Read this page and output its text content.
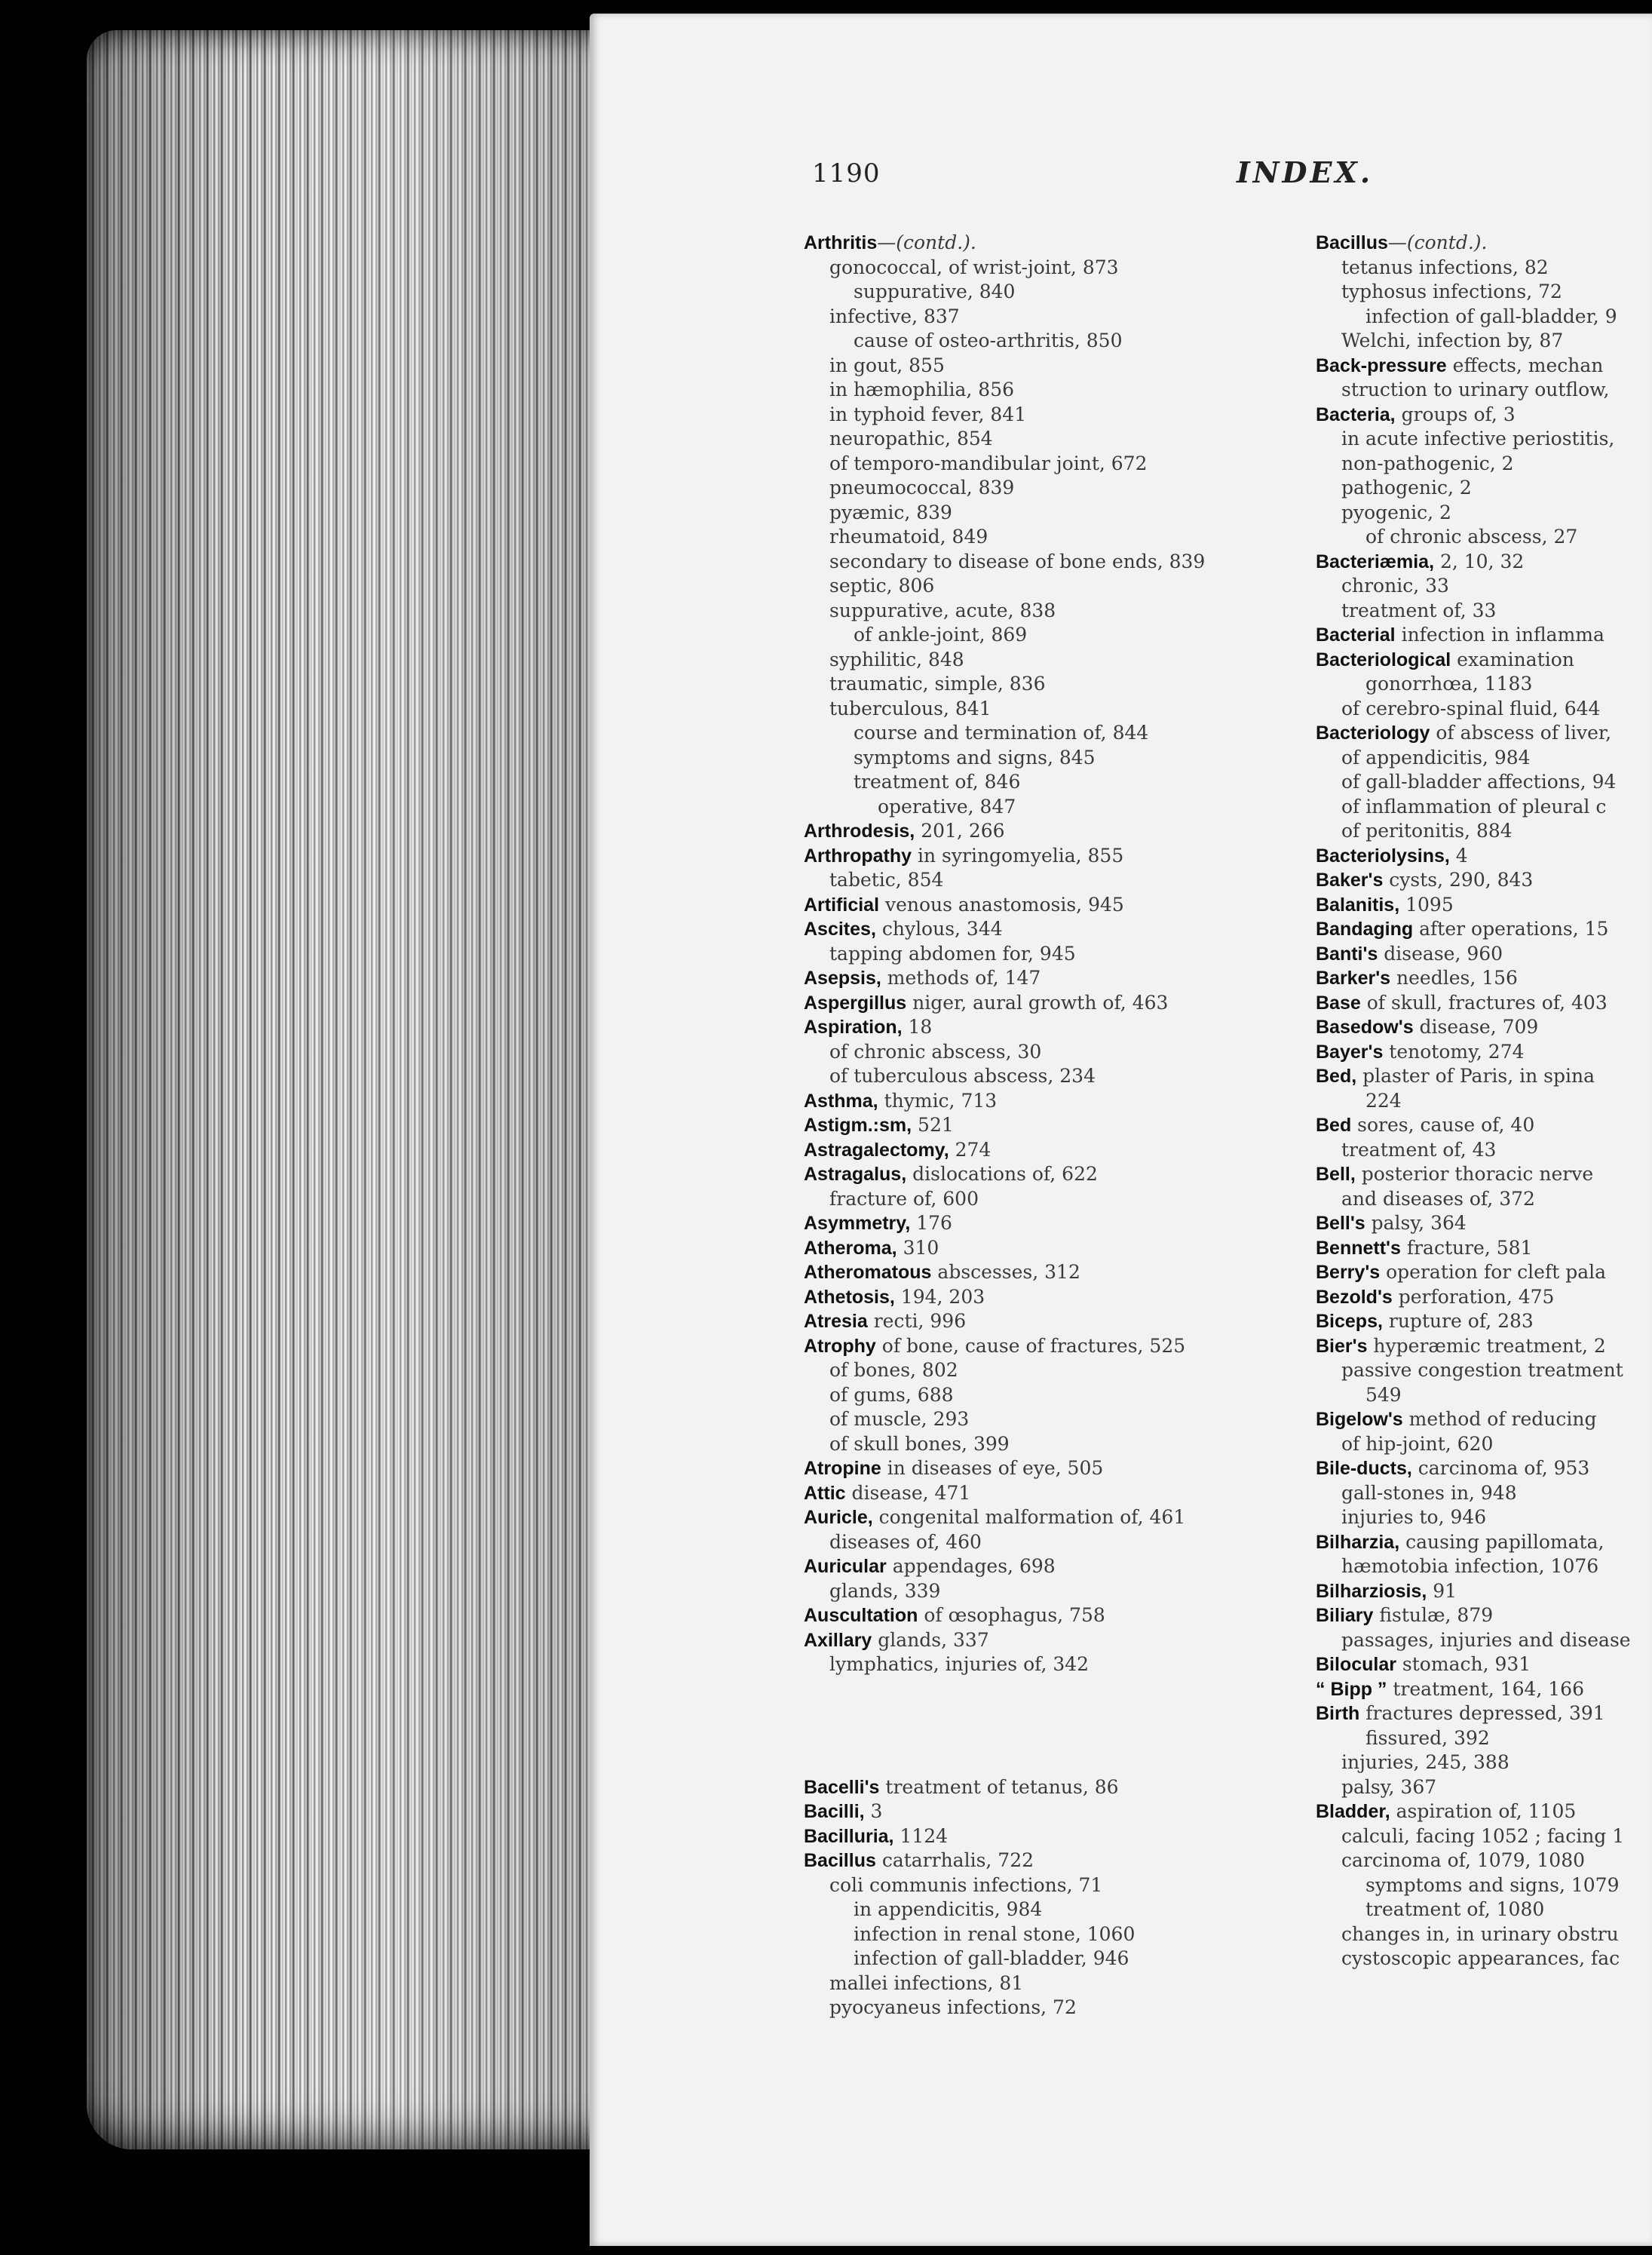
1190	INDEX.
Arthritis—(contd.).
gonococcal, of wrist-joint, 873
suppurative, 840
infective, 837
cause of osteo-arthritis, 850
in gout, 855
in hæmophilia, 856
in typhoid fever, 841
neuropathic, 854
of temporo-mandibular joint, 672
pneumococcal, 839
pyæmic, 839
rheumatoid, 849
secondary to disease of bone ends, 839
septic, 806
suppurative, acute, 838
of ankle-joint, 869
syphilitic, 848
traumatic, simple, 836
tuberculous, 841
course and termination of, 844
symptoms and signs, 845
treatment of, 846
operative, 847
Arthrodesis, 201, 266
Arthropathy in syringomyelia, 855
tabetic, 854
Artificial venous anastomosis, 945
Ascites, chylous, 344
tapping abdomen for, 945
Asepsis, methods of, 147
Aspergillus niger, aural growth of, 463
Aspiration, 18
of chronic abscess, 30
of tuberculous abscess, 234
Asthma, thymic, 713
Astigm.:sm, 521
Astragalectomy, 274
Astragalus, dislocations of, 622
fracture of, 600
Asymmetry, 176
Atheroma, 310
Atheromatous abscesses, 312
Athetosis, 194, 203
Atresia recti, 996
Atrophy of bone, cause of fractures, 525
of bones, 802
of gums, 688
of muscle, 293
of skull bones, 399
Atropine in diseases of eye, 505
Attic disease, 471
Auricle, congenital malformation of, 461
diseases of, 460
Auricular appendages, 698
glands, 339
Auscultation of œsophagus, 758
Axillary glands, 337
lymphatics, injuries of, 342
Bacelli's treatment of tetanus, 86
Bacilli, 3
Bacilluria, 1124
Bacillus catarrhalis, 722
coli communis infections, 71
in appendicitis, 984
infection in renal stone, 1060
infection of gall-bladder, 946
mallei infections, 81
pyocyaneus infections, 72
Bacillus—(contd.).
tetanus infections, 82
typhosus infections, 72
infection of gall-bladder, 9
Welchi, infection by, 87
Back-pressure effects, mechan
struction to urinary outflow,
Bacteria, groups of, 3
in acute infective periostitis,
non-pathogenic, 2
pathogenic, 2
pyogenic, 2
of chronic abscess, 27
Bacteriæmia, 2, 10, 32
chronic, 33
treatment of, 33
Bacterial infection in inflamma
Bacteriological examination
gonorrhœa, 1183
of cerebro-spinal fluid, 644
Bacteriology of abscess of liver,
of appendicitis, 984
of gall-bladder affections, 94
of inflammation of pleural c
of peritonitis, 884
Bacteriolysins, 4
Baker's cysts, 290, 843
Balanitis, 1095
Bandaging after operations, 15
Banti's disease, 960
Barker's needles, 156
Base of skull, fractures of, 403
Basedow's disease, 709
Bayer's tenotomy, 274
Bed, plaster of Paris, in spina
224
Bed sores, cause of, 40
treatment of, 43
Bell, posterior thoracic nerve
and diseases of, 372
Bell's palsy, 364
Bennett's fracture, 581
Berry's operation for cleft pala
Bezold's perforation, 475
Biceps, rupture of, 283
Bier's hyperæmic treatment, 2
passive congestion treatment
549
Bigelow's method of reducing
of hip-joint, 620
Bile-ducts, carcinoma of, 953
gall-stones in, 948
injuries to, 946
Bilharzia, causing papillomata,
hæmotobia infection, 1076
Bilharziosis, 91
Biliary fistulæ, 879
passages, injuries and disease
Bilocular stomach, 931
“ Bipp ” treatment, 164, 166
Birth fractures depressed, 391
fissured, 392
injuries, 245, 388
palsy, 367
Bladder, aspiration of, 1105
calculi, facing 1052 ; facing 1
carcinoma of, 1079, 1080
symptoms and signs, 1079
treatment of, 1080
changes in, in urinary obstru
cystoscopic appearances, fac
